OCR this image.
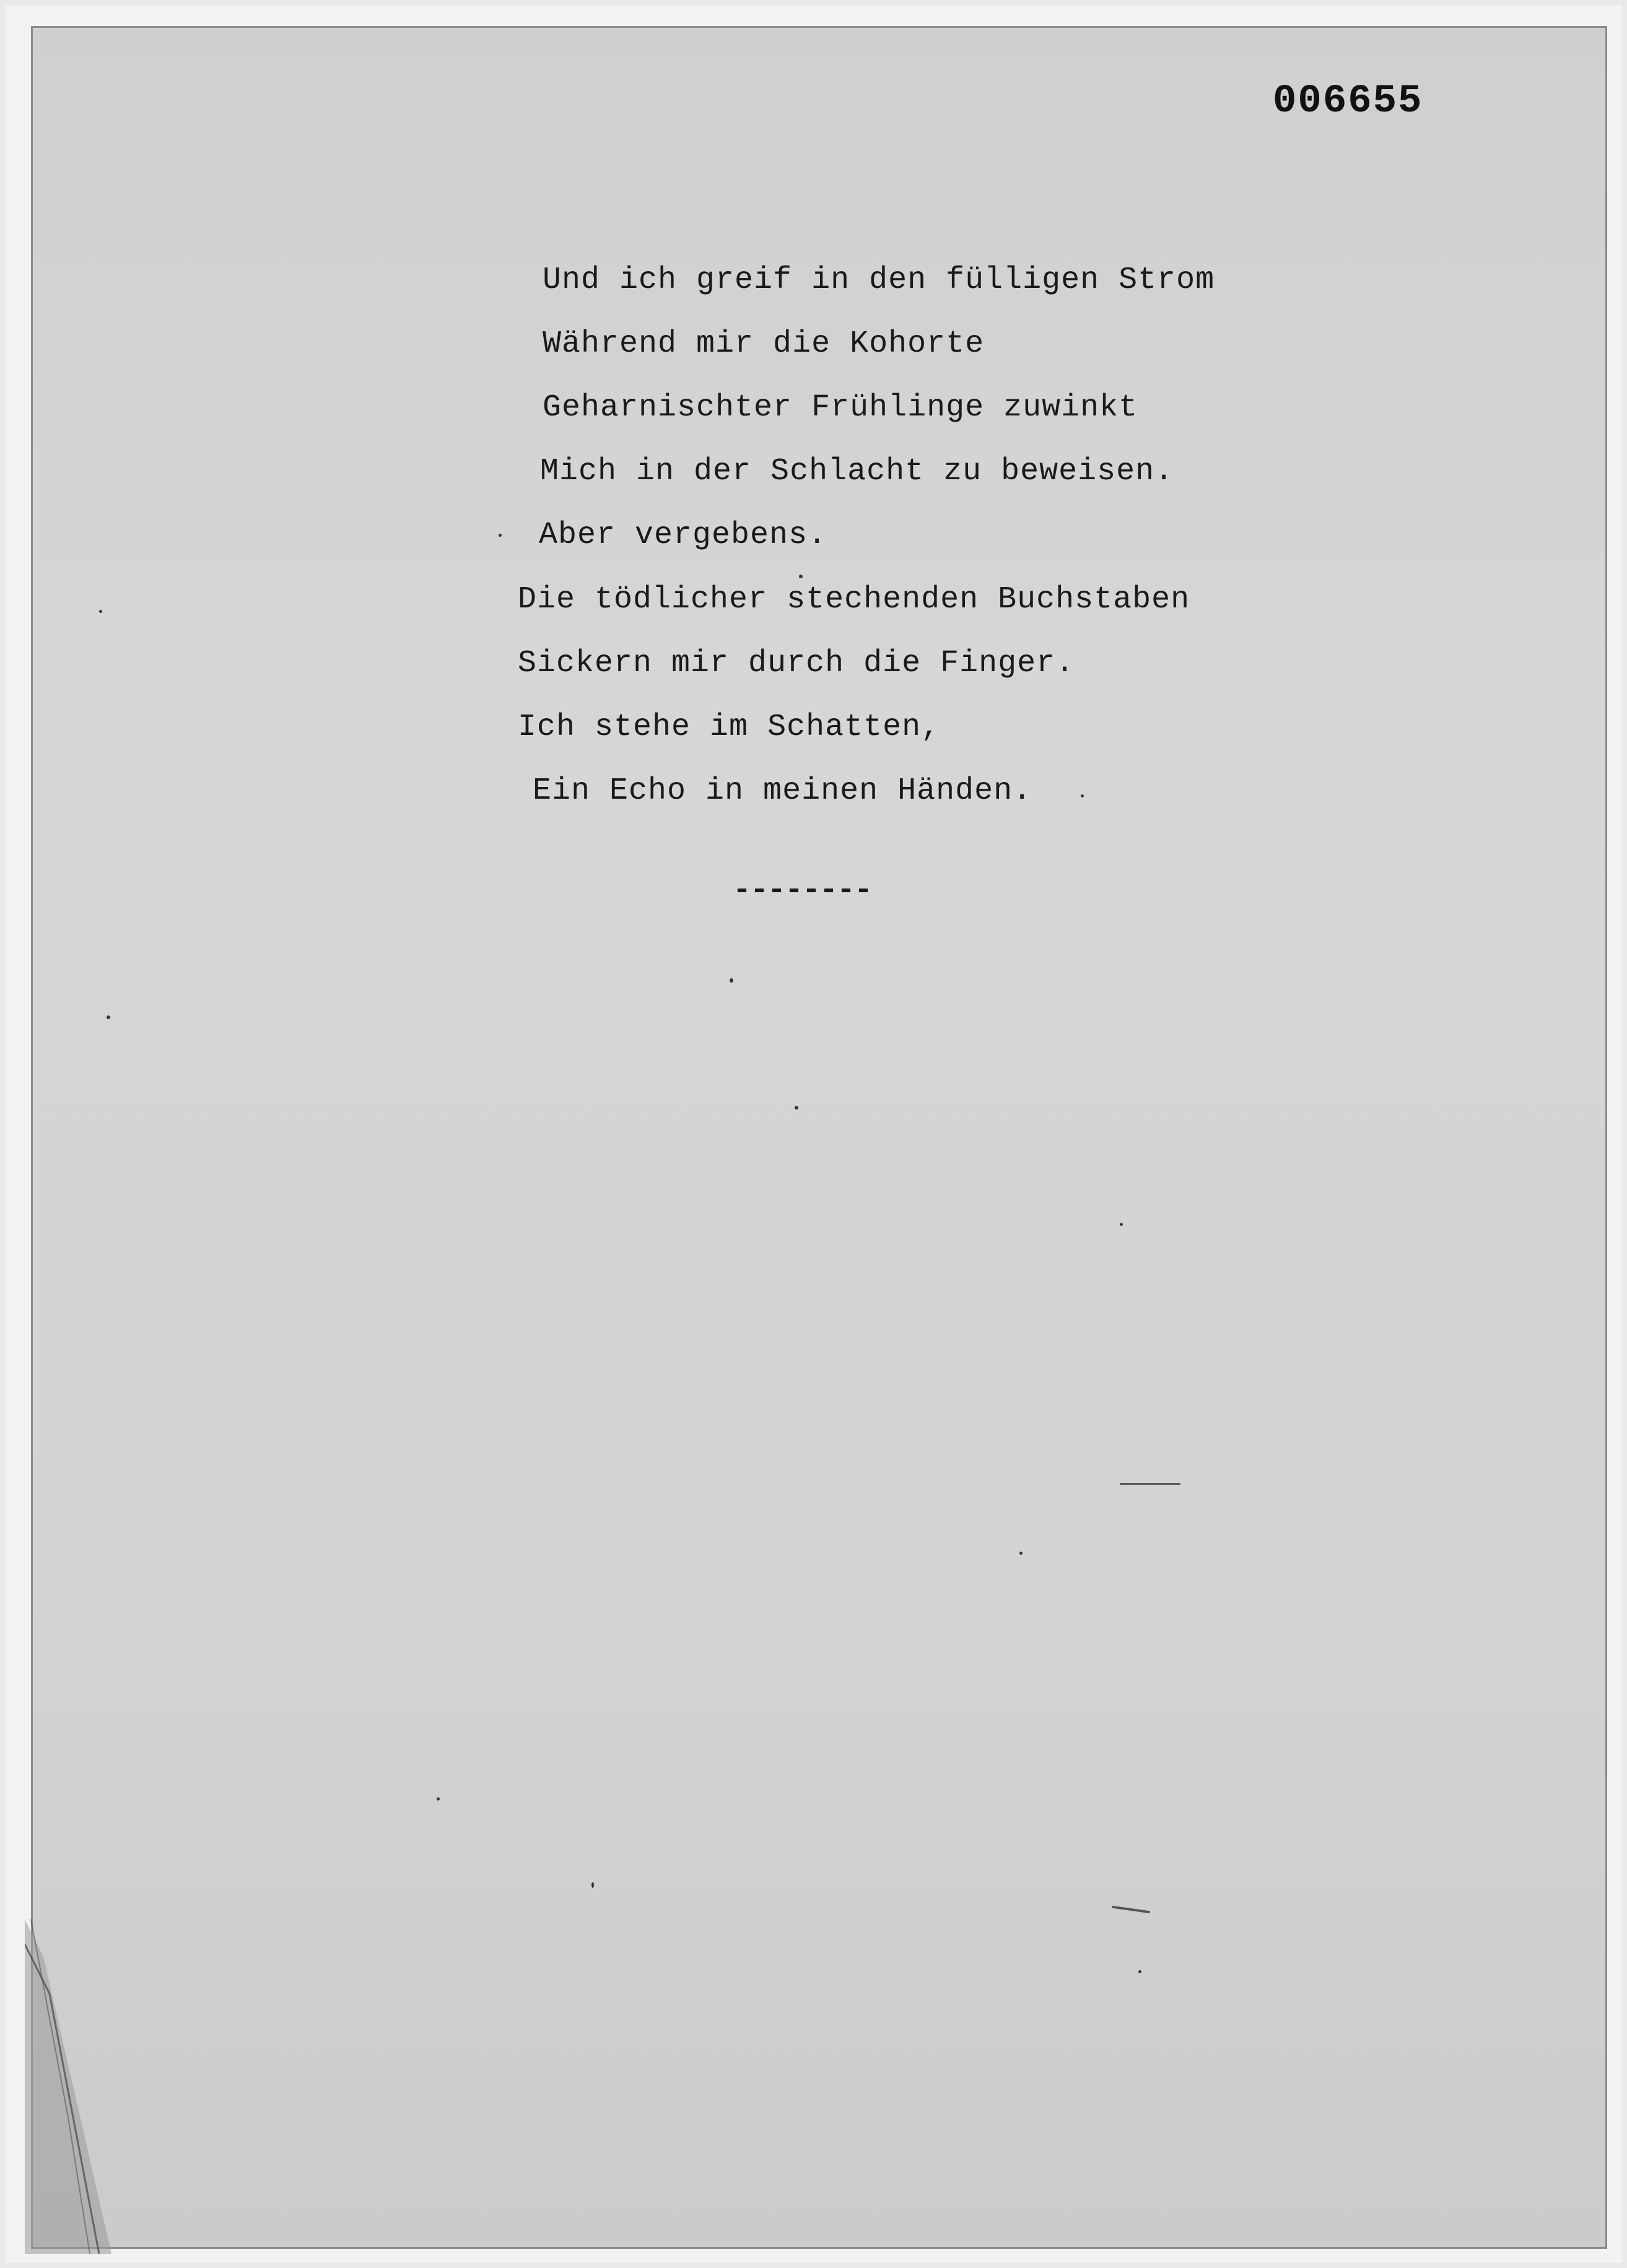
006655
Und ich greif in den fülligen Strom
Während mir die Kohorte
Geharnischter Frühlinge zuwinkt
Mich in der Schlacht zu beweisen.
Aber vergebens.
Die tödlicher stechenden Buchstaben
Sickern mir durch die Finger.
Ich stehe im Schatten,
Ein Echo in meinen Händen.
--------
